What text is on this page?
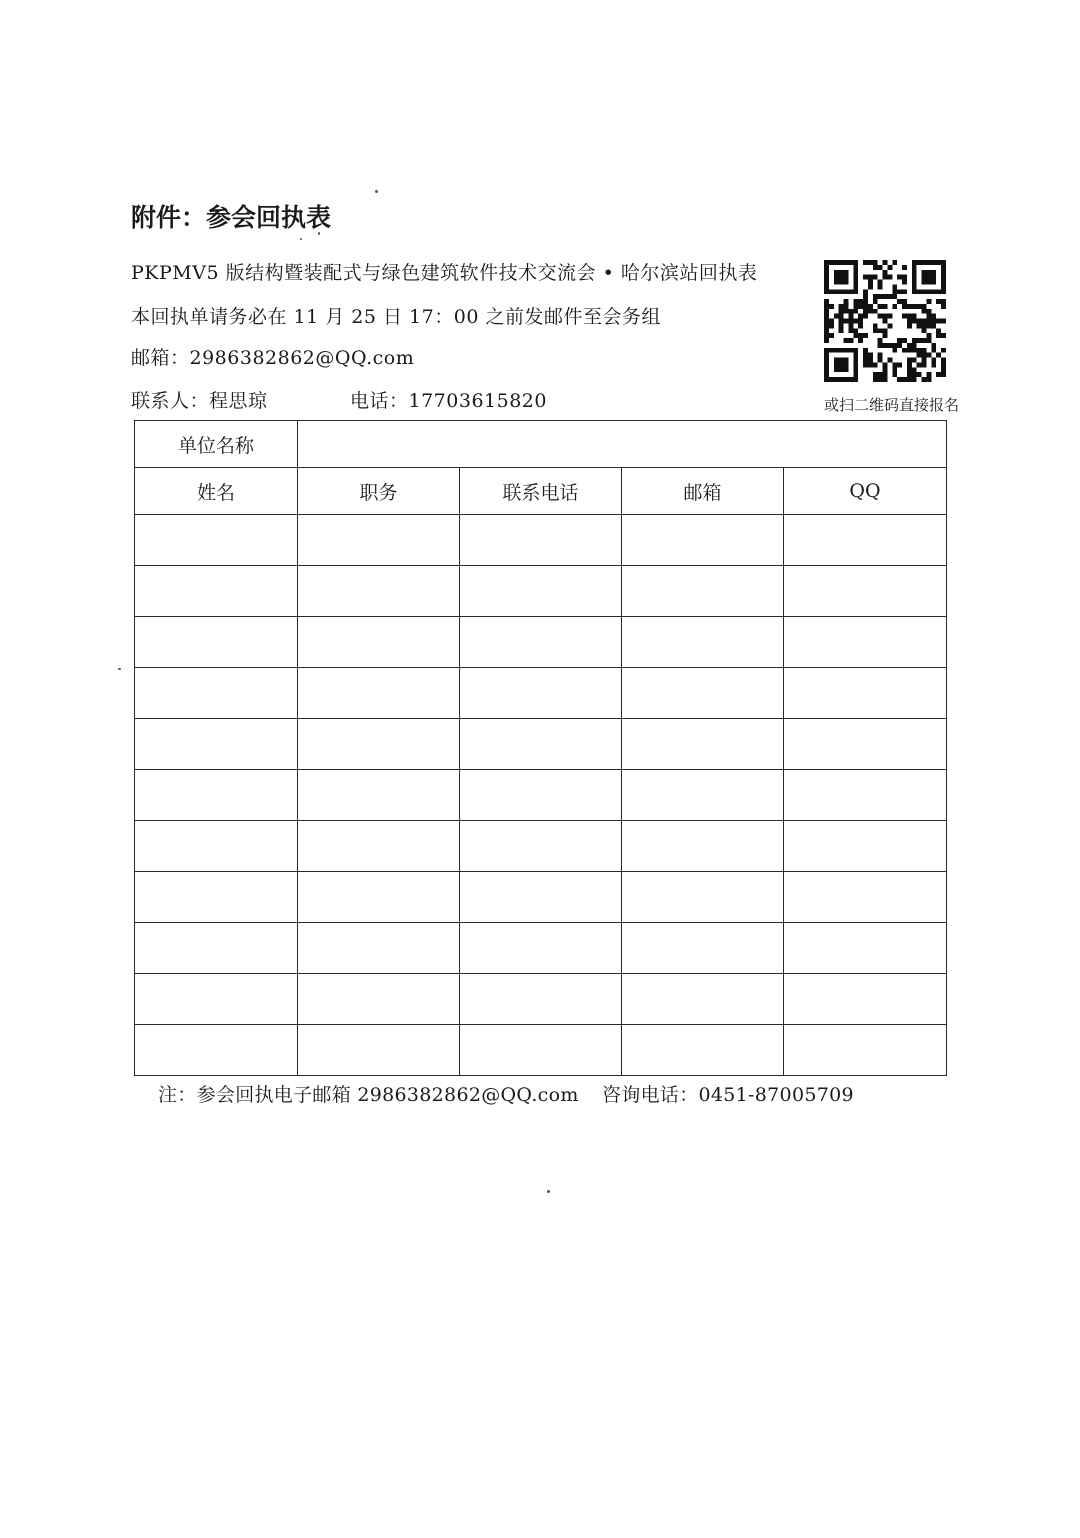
附件：参会回执表
PKPMV5 版结构暨装配式与绿色建筑软件技术交流会 • 哈尔滨站回执表
本回执单请务必在 11 月 25 日 17：00 之前发邮件至会务组
邮箱：2986382862@QQ.com
联系人：程思琼	电话：17703615820	或扫二维码直接报名
单位名称				
姓名	职务	联系电话	邮箱	QQ

注：参会回执电子邮箱 2986382862@QQ.com 咨询电话：0451-87005709
